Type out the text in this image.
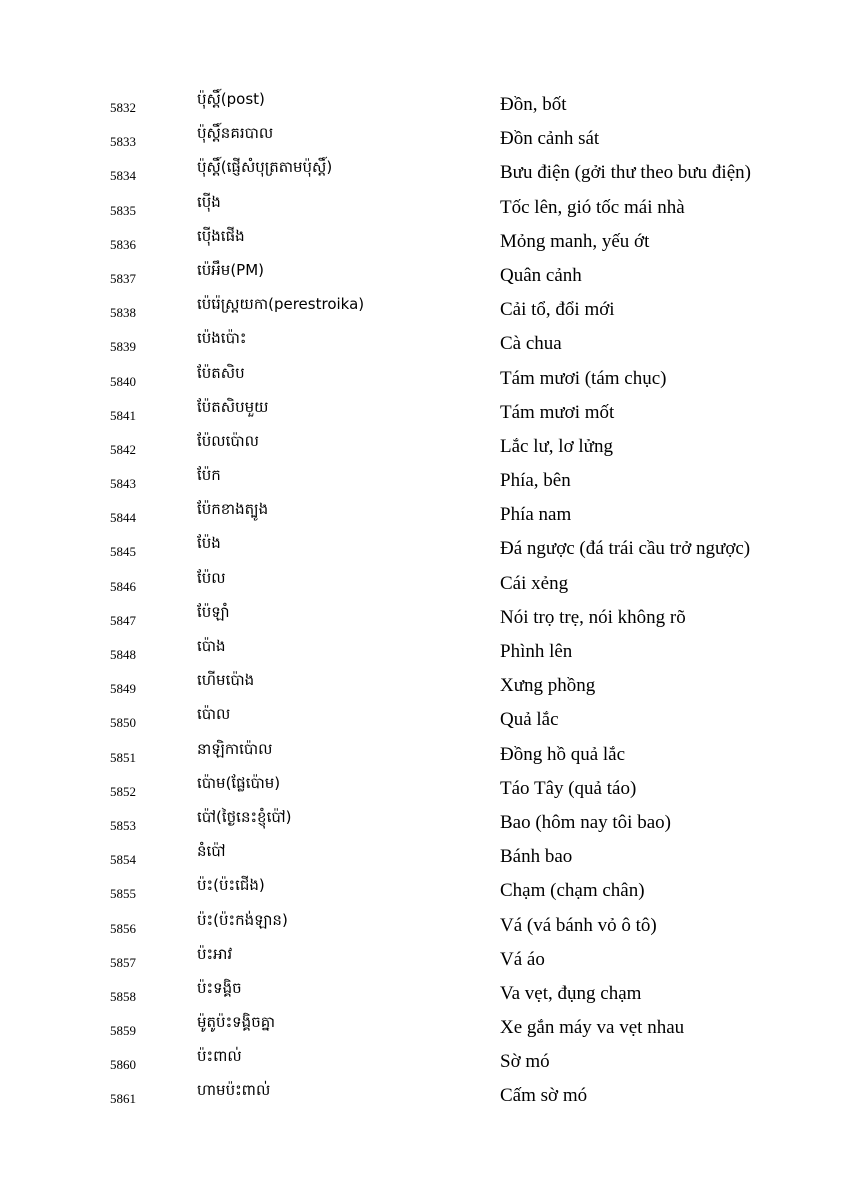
5832	ប៉ុស្តិ៍(post)	Đồn, bốt
5833	ប៉ុស្តិ៍នគរបាល	Đồn cảnh sát
5834	ប៉ុស្តិ៍(ផ្ញើសំបុត្រតាមប៉ុស្តិ៍)	Bưu điện (gởi thư theo bưu điện)
5835	ប៉ើង	Tốc lên, gió tốc mái nhà
5836	ប៉ើងផើង	Mỏng manh, yếu ớt
5837	ប៉េអឹម(PM)	Quân cảnh
5838	ប៉េរ៉េស្ត្រយកា(perestroika)	Cải tổ, đổi mới
5839	ប៉េងប៉ោះ	Cà chua
5840	ប៉ែតសិប	Tám mươi (tám chục)
5841	ប៉ែតសិបមួយ	Tám mươi mốt
5842	ប៉ែលប៉ោល	Lắc lư, lơ lửng
5843	ប៉ែក	Phía, bên
5844	ប៉ែកខាងត្បូង	Phía nam
5845	ប៉ែង	Đá ngược (đá trái cầu trở ngược)
5846	ប៉ែល	Cái xẻng
5847	ប៉ែឡាំ	Nói trọ trẹ, nói không rõ
5848	ប៉ោង	Phình lên
5849	ហើមប៉ោង	Xưng phồng
5850	ប៉ោល	Quả lắc
5851	នាឡិកាប៉ោល	Đồng hồ quả lắc
5852	ប៉ោម(ផ្លែប៉ោម)	Táo Tây (quả táo)
5853	ប៉ៅ(ថ្ងៃនេះខ្ញុំប៉ៅ)	Bao (hôm nay tôi bao)
5854	នំប៉ៅ	Bánh bao
5855	ប៉ះ(ប៉ះជើង)	Chạm (chạm chân)
5856	ប៉ះ(ប៉ះកង់ឡាន)	Vá (vá bánh vỏ ô tô)
5857	ប៉ះអាវ	Vá áo
5858	ប៉ះទង្គិច	Va vẹt, đụng chạm
5859	ម៉ូតូប៉ះទង្គិចគ្នា	Xe gắn máy va vẹt nhau
5860	ប៉ះពាល់	Sờ mó
5861	ហាមប៉ះពាល់	Cấm sờ mó
